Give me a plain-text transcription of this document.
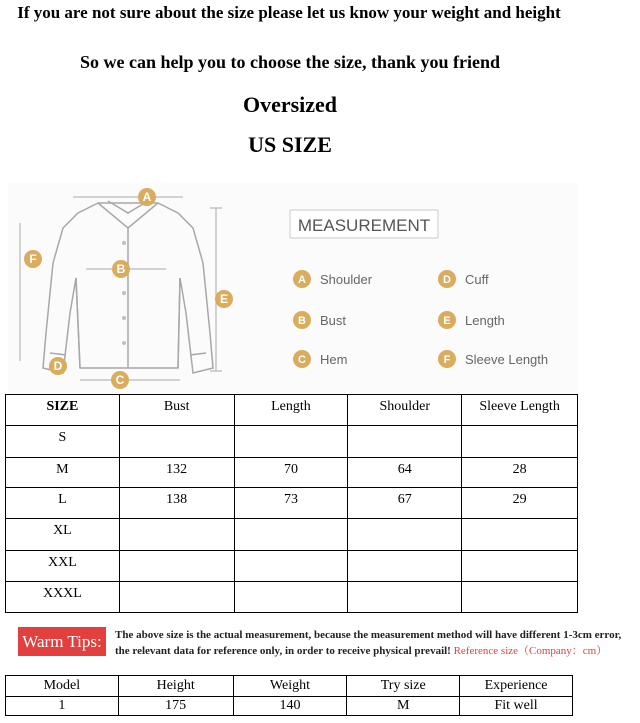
If you are not sure about the size please let us know your weight and height
So we can help you to choose the size, thank you friend
Oversized
US SIZE
A
B
C
D
E
F
MEASUREMENT
A Shoulder
B Bust
C Hem
D Cuff
E Length
F Sleeve Length
SIZE	Bust	Length	Shoulder	Sleeve Length
S				
M	132	70	64	28
L	138	73	67	29
XL				
XXL				
XXXL				
Warm Tips:	The above size is the actual measurement, because the measurement method will have different 1-3cm error,
the relevant data for reference only, in order to receive physical prevail! Reference size（Company：cm）
Model	Height	Weight	Try size	Experience
1	175	140	M	Fit well
